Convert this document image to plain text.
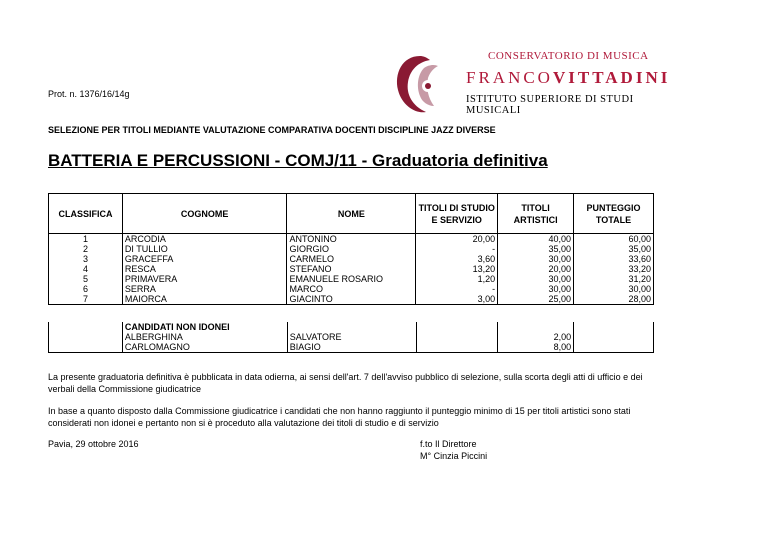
CONSERVATORIO DI MUSICA
FRANCOVITTADINI
ISTITUTO SUPERIORE DI STUDI MUSICALI
Prot. n. 1376/16/14g
SELEZIONE PER TITOLI MEDIANTE VALUTAZIONE COMPARATIVA DOCENTI DISCIPLINE JAZZ DIVERSE
BATTERIA E PERCUSSIONI - COMJ/11 - Graduatoria definitiva
CLASSIFICA	COGNOME	NOME	TITOLI DI STUDIO E SERVIZIO	TITOLI ARTISTICI	PUNTEGGIO TOTALE
1	ARCODIA	ANTONINO	20,00	40,00	60,00
2	DI TULLIO	GIORGIO	-	35,00	35,00
3	GRACEFFA	CARMELO	3,60	30,00	33,60
4	RESCA	STEFANO	13,20	20,00	33,20
5	PRIMAVERA	EMANUELE ROSARIO	1,20	30,00	31,20
6	SERRA	MARCO	-	30,00	30,00
7	MAIORCA	GIACINTO	3,00	25,00	28,00
	CANDIDATI NON IDONEI				
	ALBERGHINA	SALVATORE		2,00	
	CARLOMAGNO	BIAGIO		8,00	
La presente graduatoria definitiva è pubblicata in data odierna, ai sensi dell'art. 7 dell'avviso pubblico di selezione, sulla scorta degli atti di ufficio e dei verbali della Commissione giudicatrice
In base a quanto disposto dalla Commissione giudicatrice i candidati che non hanno raggiunto il punteggio minimo di 15 per titoli artistici sono stati considerati non idonei e pertanto non si è proceduto alla valutazione dei titoli di studio e di servizio
Pavia, 29 ottobre 2016	f.to Il Direttore
M° Cinzia Piccini
